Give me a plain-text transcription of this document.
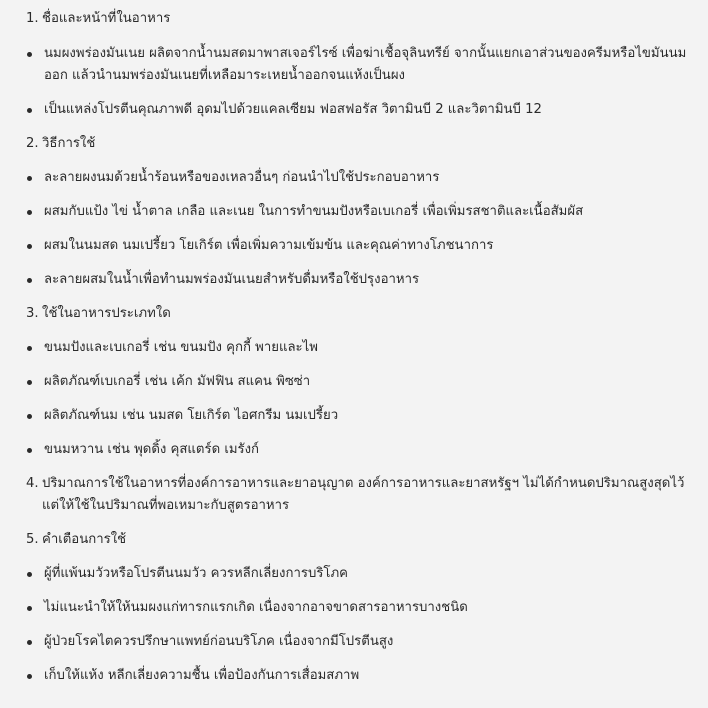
1. ชื่อและหน้าที่ในอาหาร
นมผงพร่องมันเนย ผลิตจากน้ำนมสดมาพาสเจอร์ไรซ์ เพื่อฆ่าเชื้อจุลินทรีย์ จากนั้นแยกเอาส่วนของครีมหรือไขมันนมออก แล้วนำนมพร่องมันเนยที่เหลือมาระเหยน้ำออกจนแห้งเป็นผง
เป็นแหล่งโปรตีนคุณภาพดี อุดมไปด้วยแคลเซียม ฟอสฟอรัส วิตามินบี 2 และวิตามินบี 12
2. วิธีการใช้
ละลายผงนมด้วยน้ำร้อนหรือของเหลวอื่นๆ ก่อนนำไปใช้ประกอบอาหาร
ผสมกับแป้ง ไข่ น้ำตาล เกลือ และเนย ในการทำขนมปังหรือเบเกอรี่ เพื่อเพิ่มรสชาติและเนื้อสัมผัส
ผสมในนมสด นมเปรี้ยว โยเกิร์ต เพื่อเพิ่มความเข้มข้น และคุณค่าทางโภชนาการ
ละลายผสมในน้ำเพื่อทำนมพร่องมันเนยสำหรับดื่มหรือใช้ปรุงอาหาร
3. ใช้ในอาหารประเภทใด
ขนมปังและเบเกอรี่ เช่น ขนมปัง คุกกี้ พายและไพ
ผลิตภัณฑ์เบเกอรี่ เช่น เค้ก มัฟฟิน สแคน พิซซ่า
ผลิตภัณฑ์นม เช่น นมสด โยเกิร์ต ไอศกรีม นมเปรี้ยว
ขนมหวาน เช่น พุดดิ้ง คุสแตร์ด เมรังก์
4. ปริมาณการใช้ในอาหารที่องค์การอาหารและยาอนุญาต องค์การอาหารและยาสหรัฐฯ ไม่ได้กำหนดปริมาณสูงสุดไว้ แต่ให้ใช้ในปริมาณที่พอเหมาะกับสูตรอาหาร
5. คำเตือนการใช้
ผู้ที่แพ้นมวัวหรือโปรตีนนมวัว ควรหลีกเลี่ยงการบริโภค
ไม่แนะนำให้ให้นมผงแก่ทารกแรกเกิด เนื่องจากอาจขาดสารอาหารบางชนิด
ผู้ป่วยโรคไตควรปรึกษาแพทย์ก่อนบริโภค เนื่องจากมีโปรตีนสูง
เก็บให้แห้ง หลีกเลี่ยงความชื้น เพื่อป้องกันการเสื่อมสภาพ
